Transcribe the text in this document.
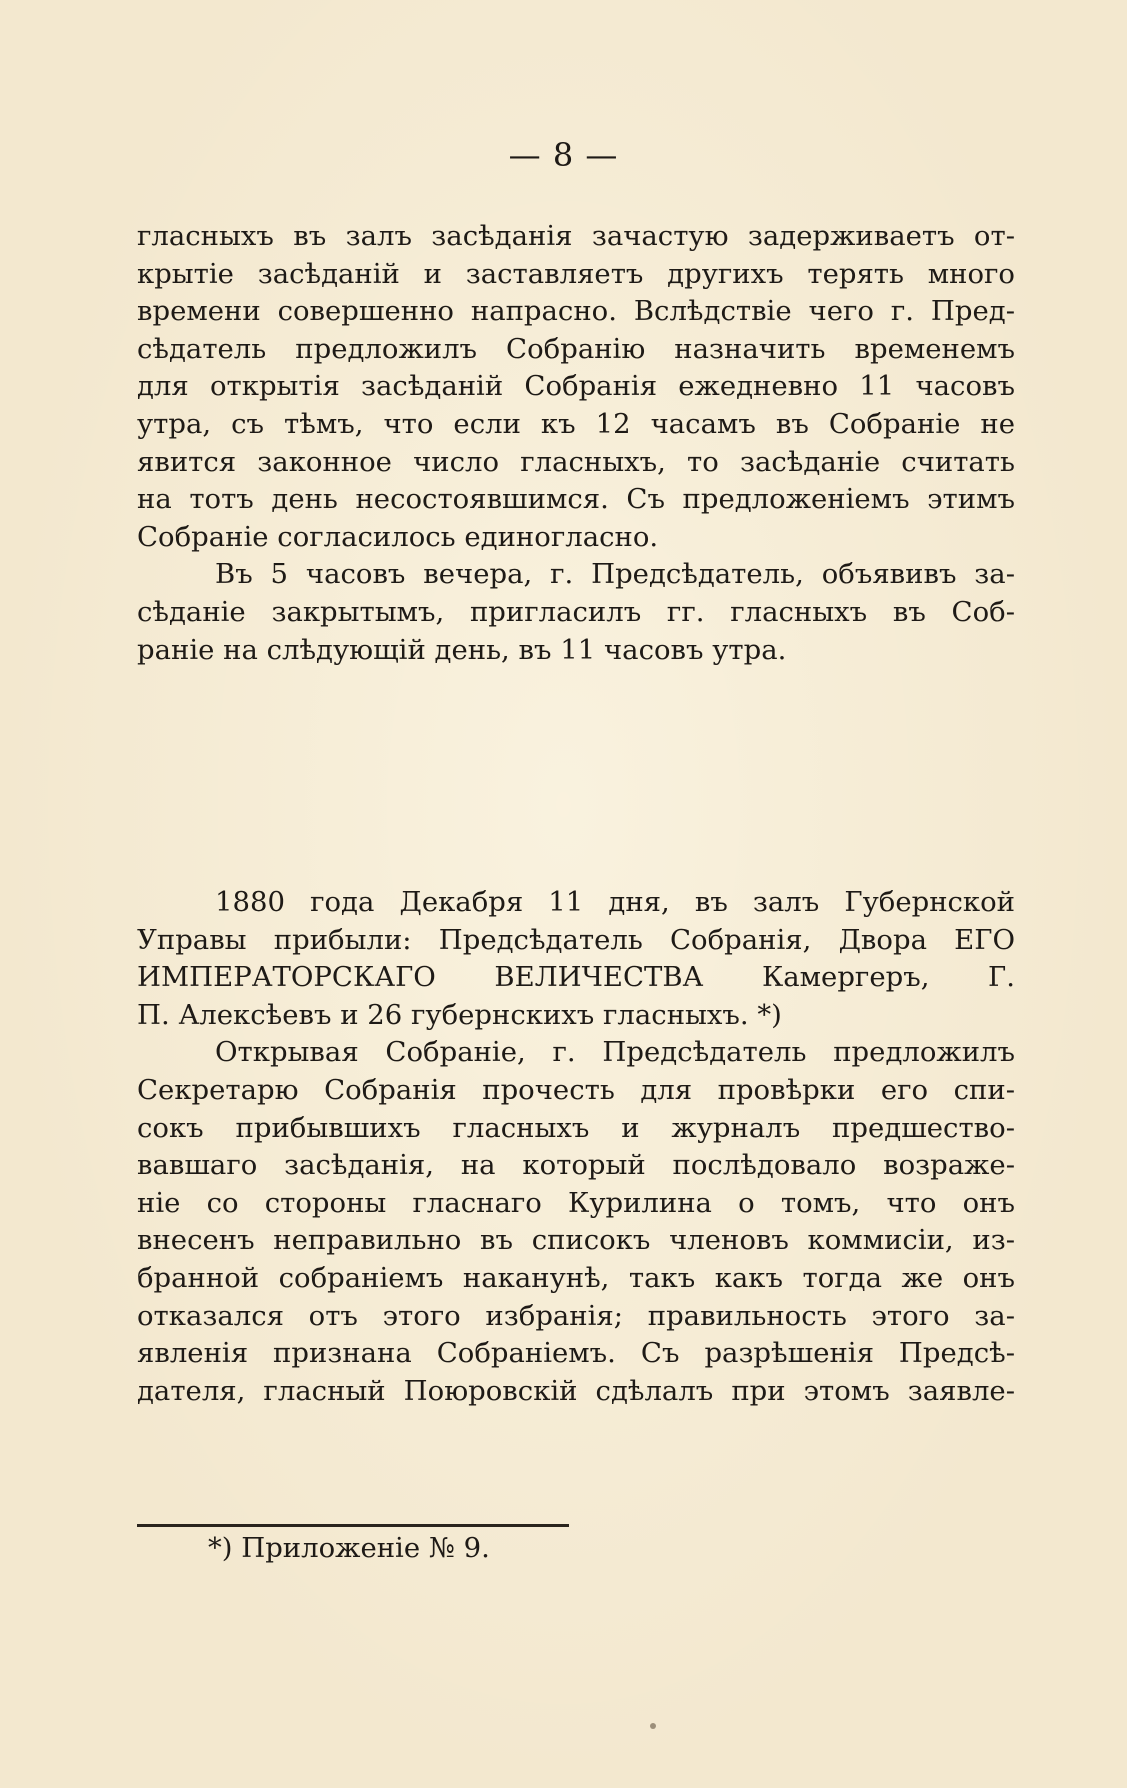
— 8 —
гласныхъ въ залъ засѣданія зачастую задерживаетъ от-
крытіе засѣданій и заставляетъ другихъ терять много
времени совершенно напрасно. Вслѣдствіе чего г. Пред-
сѣдатель предложилъ Собранію назначить временемъ
для открытія засѣданій Собранія ежедневно 11 часовъ
утра, съ тѣмъ, что если къ 12 часамъ въ Собраніе не
явится законное число гласныхъ, то засѣданіе считать
на тотъ день несостоявшимся. Съ предложеніемъ этимъ
Собраніе согласилось единогласно.
Въ 5 часовъ вечера, г. Предсѣдатель, объявивъ за-
сѣданіе закрытымъ, пригласилъ гг. гласныхъ въ Соб-
раніе на слѣдующій день, въ 11 часовъ утра.
1880 года Декабря 11 дня, въ залъ Губернской
Управы прибыли: Предсѣдатель Собранія, Двора ЕГО
ИМПЕРАТОРСКАГО ВЕЛИЧЕСТВА Камергеръ, Г.
П. Алексѣевъ и 26 губернскихъ гласныхъ. *)
Открывая Собраніе, г. Предсѣдатель предложилъ
Секретарю Собранія прочесть для провѣрки его спи-
сокъ прибывшихъ гласныхъ и журналъ предшество-
вавшаго засѣданія, на который послѣдовало возраже-
ніе со стороны гласнаго Курилина о томъ, что онъ
внесенъ неправильно въ списокъ членовъ коммисіи, из-
бранной собраніемъ наканунѣ, такъ какъ тогда же онъ
отказался отъ этого избранія; правильность этого за-
явленія признана Собраніемъ. Съ разрѣшенія Предсѣ-
дателя, гласный Поюровскій сдѣлалъ при этомъ заявле-
*) Приложеніе № 9.
